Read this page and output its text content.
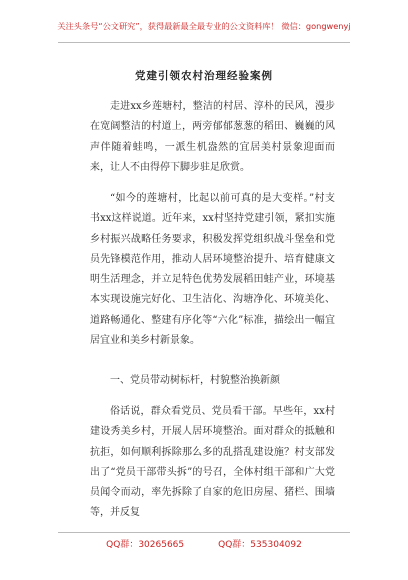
关注头条号“公文研究”，获得最新最全最专业的公文资料库！ 微信：gongwenyj
党建引领农村治理经验案例

走进xx乡莲塘村，整洁的村居、淳朴的民风，漫步在宽阔整洁的村道上，两旁郁郁葱葱的稻田、巍巍的风声伴随着蛙鸣，一派生机盎然的宜居美村景象迎面而来，让人不由得停下脚步驻足欣赏。

“如今的莲塘村，比起以前可真的是大变样。”村支书xx这样说道。近年来，xx村坚持党建引领，紧扣实施乡村振兴战略任务要求，积极发挥党组织战斗堡垒和党员先锋模范作用，推动人居环境整治提升、培育健康文明生活理念，并立足特色优势发展稻田蛙产业，环境基本实现设施完好化、卫生洁化、沟塘净化、环境美化、道路畅通化、整建有序化等“六化”标准，描绘出一幅宜居宜业和美乡村新景象。

一、党员带动树标杆，村貌整治换新颜

俗话说，群众看党员、党员看干部。早些年，xx村建设秀美乡村，开展人居环境整治。面对群众的抵触和抗拒，如何顺利拆除那么多的乱搭乱建设施？村支部发出了“党员干部带头拆”的号召，全体村组干部和广大党员闻令而动，率先拆除了自家的危旧房屋、猪栏、围墙等，并反复

QQ群：30265665	QQ群：535304092
